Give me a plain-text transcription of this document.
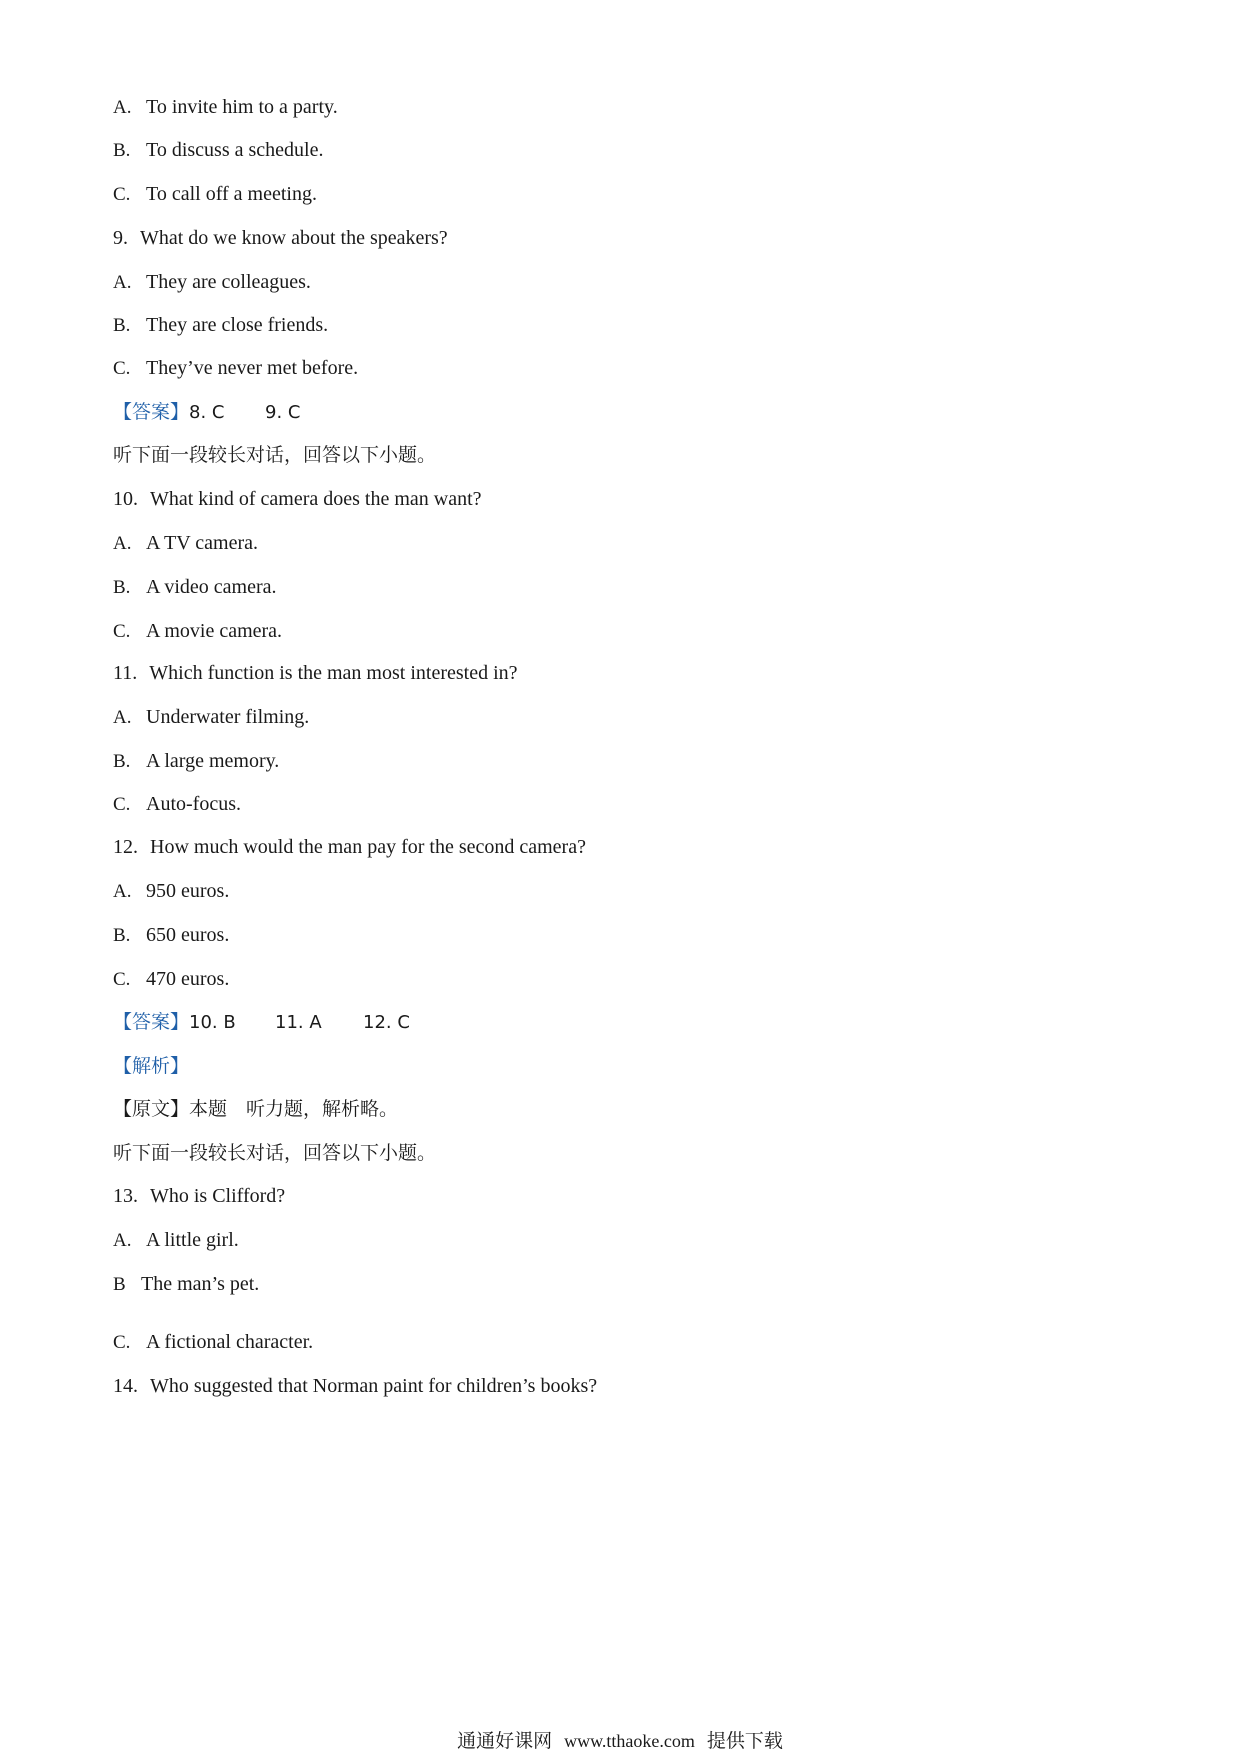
A. To invite him to a party.
B. To discuss a schedule.
C. To call off a meeting.
9. What do we know about the speakers?
A. They are colleagues.
B. They are close friends.
C. They’ve never met before.
【答案】8. C 9. C
听下面一段较长对话，回答以下小题。
10. What kind of camera does the man want?
A. A TV camera.
B. A video camera.
C. A movie camera.
11. Which function is the man most interested in?
A. Underwater filming.
B. A large memory.
C. Auto-focus.
12. How much would the man pay for the second camera?
A. 950 euros.
B. 650 euros.
C. 470 euros.
【答案】10. B 11. A 12. C
【解析】
【原文】本题　听力题，解析略。
听下面一段较长对话，回答以下小题。
13. Who is Clifford?
A. A little girl.
B The man’s pet.
C. A fictional character.
14. Who suggested that Norman paint for children’s books?
通通好课网 www.tthaoke.com 提供下载
